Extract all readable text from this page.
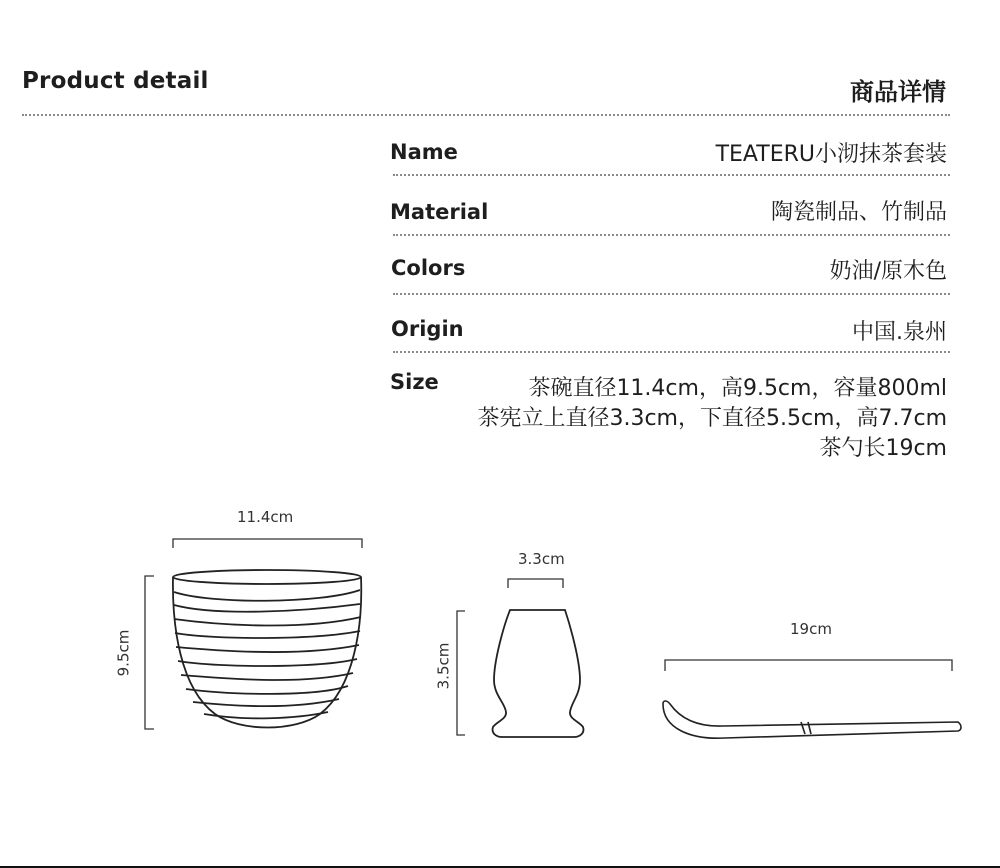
Product detail	商品详情
Name	TEATERU小沏抹茶套装
Material	陶瓷制品、竹制品
Colors	奶油/原木色
Origin	中国.泉州
Size	茶碗直径11.4cm，高9.5cm，容量800ml
茶宪立上直径3.3cm，下直径5.5cm，高7.7cm
茶勺长19cm
11.4cm
3.3cm
19cm
9.5cm	3.5cm
